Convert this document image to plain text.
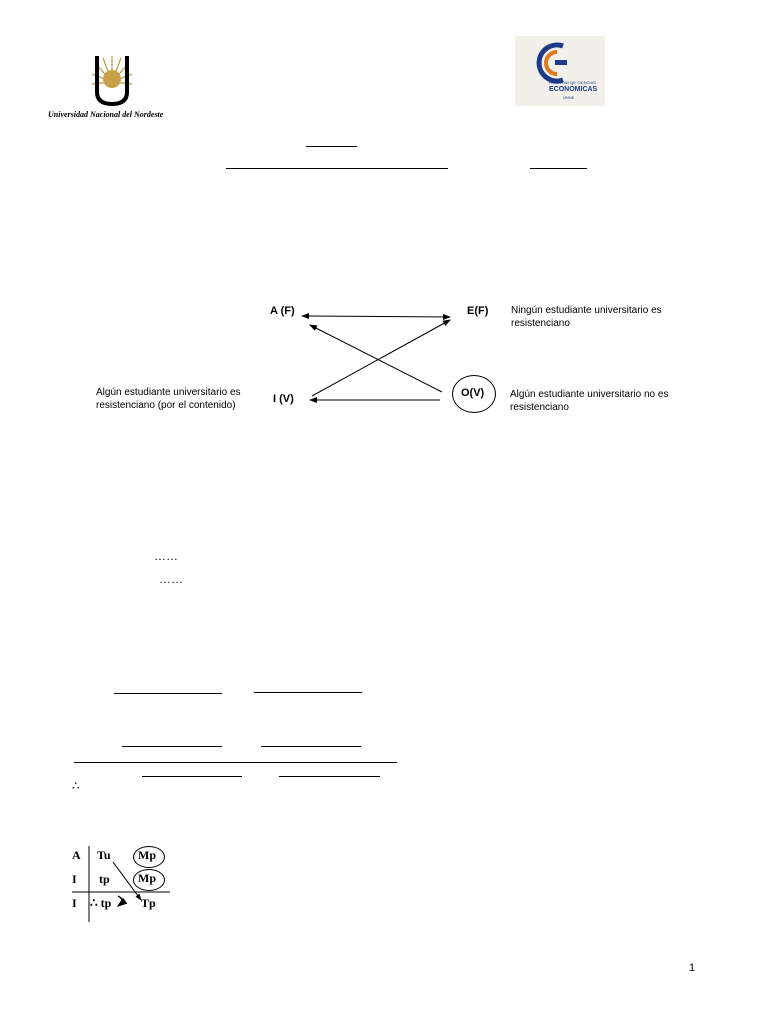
Universidad Nacional del Nordeste
FACULTAD DE CIENCIAS
ECONÓMICAS
UNNE
A (F)	E(F)
I (V)	O(V)
Ningún estudiante universitario es resistenciano
Algún estudiante universitario es resistenciano (por el contenido)
Algún estudiante universitario no es resistenciano
……
……
∴
A Tu Mp
I tp Mp
I ∴ tp Tp
1
